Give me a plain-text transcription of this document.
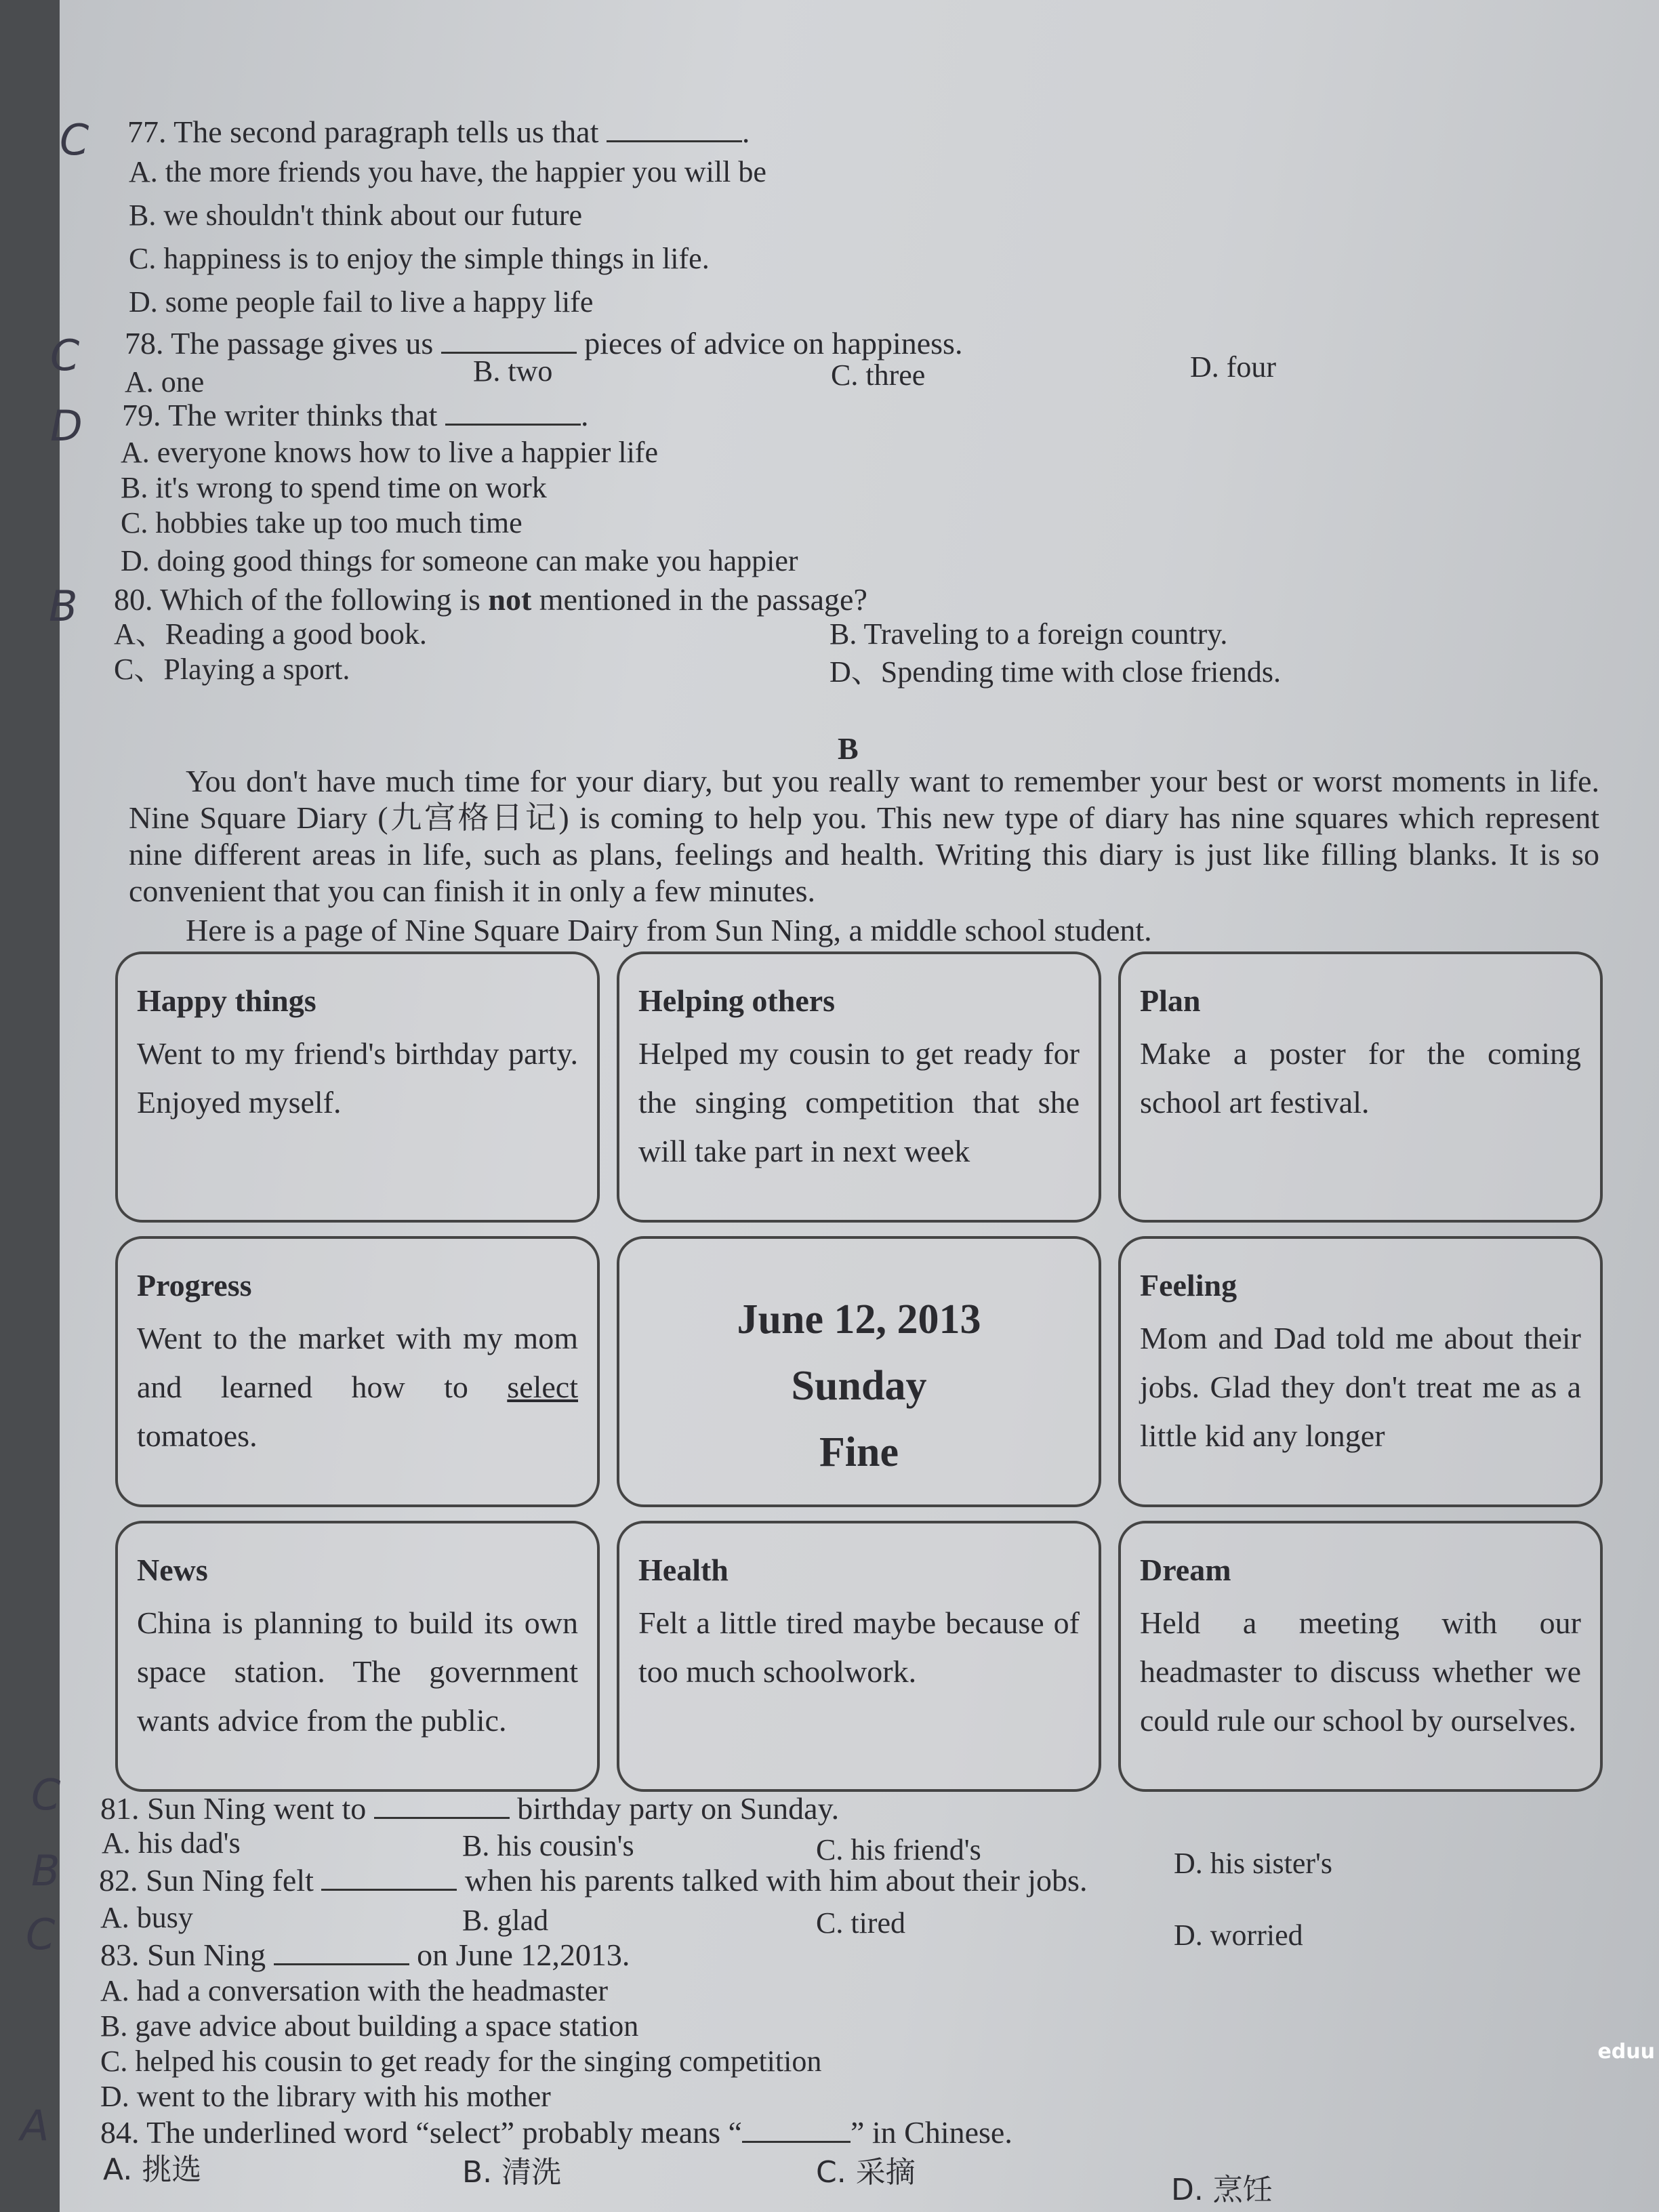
C 77. The second paragraph tells us that	.
A. the more friends you have, the happier you will be
B. we shouldn't think about our future
C. happiness is to enjoy the simple things in life.
D. some people fail to live a happy life
C 78. The passage gives us	pieces of advice on happiness.
A. one	B. two	C. three	D. four
D 79. The writer thinks that	.
A. everyone knows how to live a happier life
B. it's wrong to spend time on work
C. hobbies take up too much time
D. doing good things for someone can make you happier
B 80. Which of the following is not mentioned in the passage?
A、Reading a good book.	B. Traveling to a foreign country.
C、Playing a sport.	D、Spending time with close friends.
B
You don't have much time for your diary, but you really want to remember your best or worst moments in life. Nine Square Diary (九宫格日记) is coming to help you. This new type of diary has nine squares which represent nine different areas in life, such as plans, feelings and health. Writing this diary is just like filling blanks. It is so convenient that you can finish it in only a few minutes.
Here is a page of Nine Square Dairy from Sun Ning, a middle school student.
Happy things
Went to my friend's birthday party. Enjoyed myself.
Helping others
Helped my cousin to get ready for the singing competition that she will take part in next week
Plan
Make a poster for the coming school art festival.
Progress
Went to the market with my mom and learned how to select tomatoes.
June 12, 2013
Sunday
Fine
Feeling
Mom and Dad told me about their jobs. Glad they don't treat me as a little kid any longer
News
China is planning to build its own space station. The government wants advice from the public.
Health
Felt a little tired maybe because of too much schoolwork.
Dream
Held a meeting with our headmaster to discuss whether we could rule our school by ourselves.
C 81. Sun Ning went to	birthday party on Sunday.
A. his dad's	B. his cousin's	C. his friend's	D. his sister's
B 82. Sun Ning felt	when his parents talked with him about their jobs.
A. busy	B. glad	C. tired	D. worried
C 83. Sun Ning	on June 12,2013.
A. had a conversation with the headmaster
B. gave advice about building a space station
C. helped his cousin to get ready for the singing competition
D. went to the library with his mother
A 84. The underlined word “select” probably means “	” in Chinese.
A. 挑选	B. 清洗	C. 采摘
D. 烹饪
eduu
